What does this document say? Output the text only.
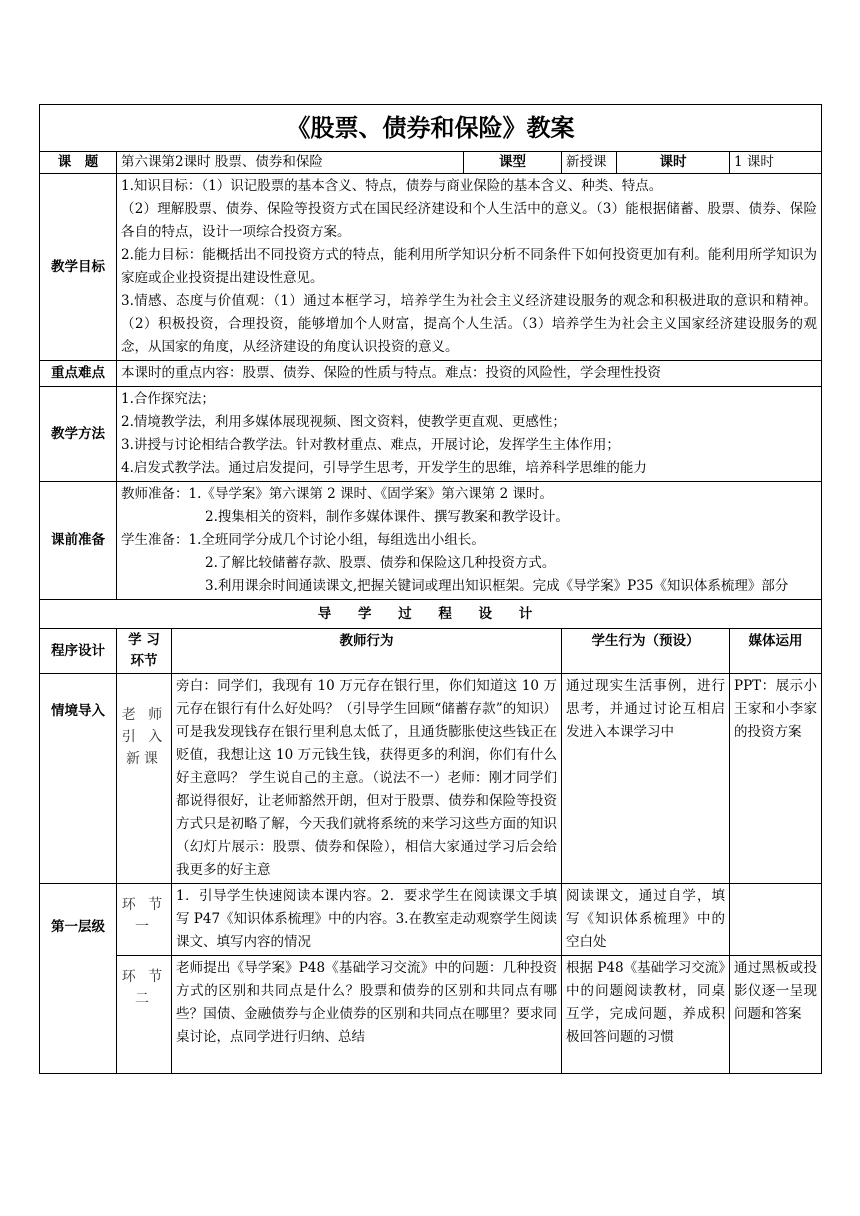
《股票、债券和保险》教案						
课　题	第六课第2课时 股票、债券和保险		课型	新授课	课时	1 课时
教学目标	1.知识目标：（1）识记股票的基本含义、特点，债券与商业保险的基本含义、种类、特点。
（2）理解股票、债券、保险等投资方式在国民经济建设和个人生活中的意义。（3）能根据储蓄、股票、债券、保险各自的特点，设计一项综合投资方案。
2.能力目标：能概括出不同投资方式的特点，能利用所学知识分析不同条件下如何投资更加有利。能利用所学知识为家庭或企业投资提出建设性意见。
3.情感、态度与价值观：（1）通过本框学习，培养学生为社会主义经济建设服务的观念和积极进取的意识和精神。（2）积极投资，合理投资，能够增加个人财富，提高个人生活。（3）培养学生为社会主义国家经济建设服务的观念，从国家的角度，从经济建设的角度认识投资的意义。					

重点难点	本课时的重点内容：股票、债券、保险的性质与特点。难点：投资的风险性，学会理性投资					
教学方法	1.合作探究法；
2.情境教学法，利用多媒体展现视频、图文资料，使教学更直观、更感性；
3.讲授与讨论相结合教学法。针对教材重点、难点，开展讨论，发挥学生主体作用；
4.启发式教学法。通过启发提问，引导学生思考，开发学生的思维，培养科学思维的能力					

课前准备	教师准备：1.《导学案》第六课第 2 课时、《固学案》第六课第 2 课时。
2.搜集相关的资料，制作多媒体课件、撰写教案和教学设计。
学生准备：1.全班同学分成几个讨论小组，每组选出小组长。
2.了解比较储蓄存款、股票、债券和保险这几种投资方式。
3.利用课余时间通读课文,把握关键词或理出知识框架。完成《导学案》P35《知识体系梳理》部分					

导 学 过 程 设 计						
程序设计	学 习 环节	教师行为		学生行为（预设）		媒体运用
情境导入	老 师 引 入 新课	旁白：同学们，我现有 10 万元存在银行里，你们知道这 10 万元存在银行有什么好处吗？（引导学生回顾“储蓄存款”的知识）可是我发现钱存在银行里利息太低了，且通货膨胀使这些钱正在贬值，我想让这 10 万元钱生钱，获得更多的利润，你们有什么好主意吗？ 学生说自己的主意。（说法不一）老师：刚才同学们都说得很好，让老师豁然开朗，但对于股票、债券和保险等投资方式只是初略了解，今天我们就将系统的来学习这些方面的知识（幻灯片展示：股票、债券和保险），相信大家通过学习后会给我更多的好主意		通过现实生活事例，进行思考，并通过讨论互相启发进入本课学习中		PPT：展示小王家和小李家的投资方案
第一层级	环 节 一	1．引导学生快速阅读本课内容。2．要求学生在阅读课文手填写 P47《知识体系梳理》中的内容。3.在教室走动观察学生阅读课文、填写内容的情况		阅读课文，通过自学，填写《知识体系梳理》中的空白处		
	环 节 二	老师提出《导学案》P48《基础学习交流》中的问题：几种投资方式的区别和共同点是什么？股票和债券的区别和共同点有哪些？国债、金融债券与企业债券的区别和共同点在哪里？要求同桌讨论，点同学进行归纳、总结		根据 P48《基础学习交流》中的问题阅读教材，同桌互学，完成问题，养成积极回答问题的习惯		通过黑板或投影仪逐一呈现问题和答案
